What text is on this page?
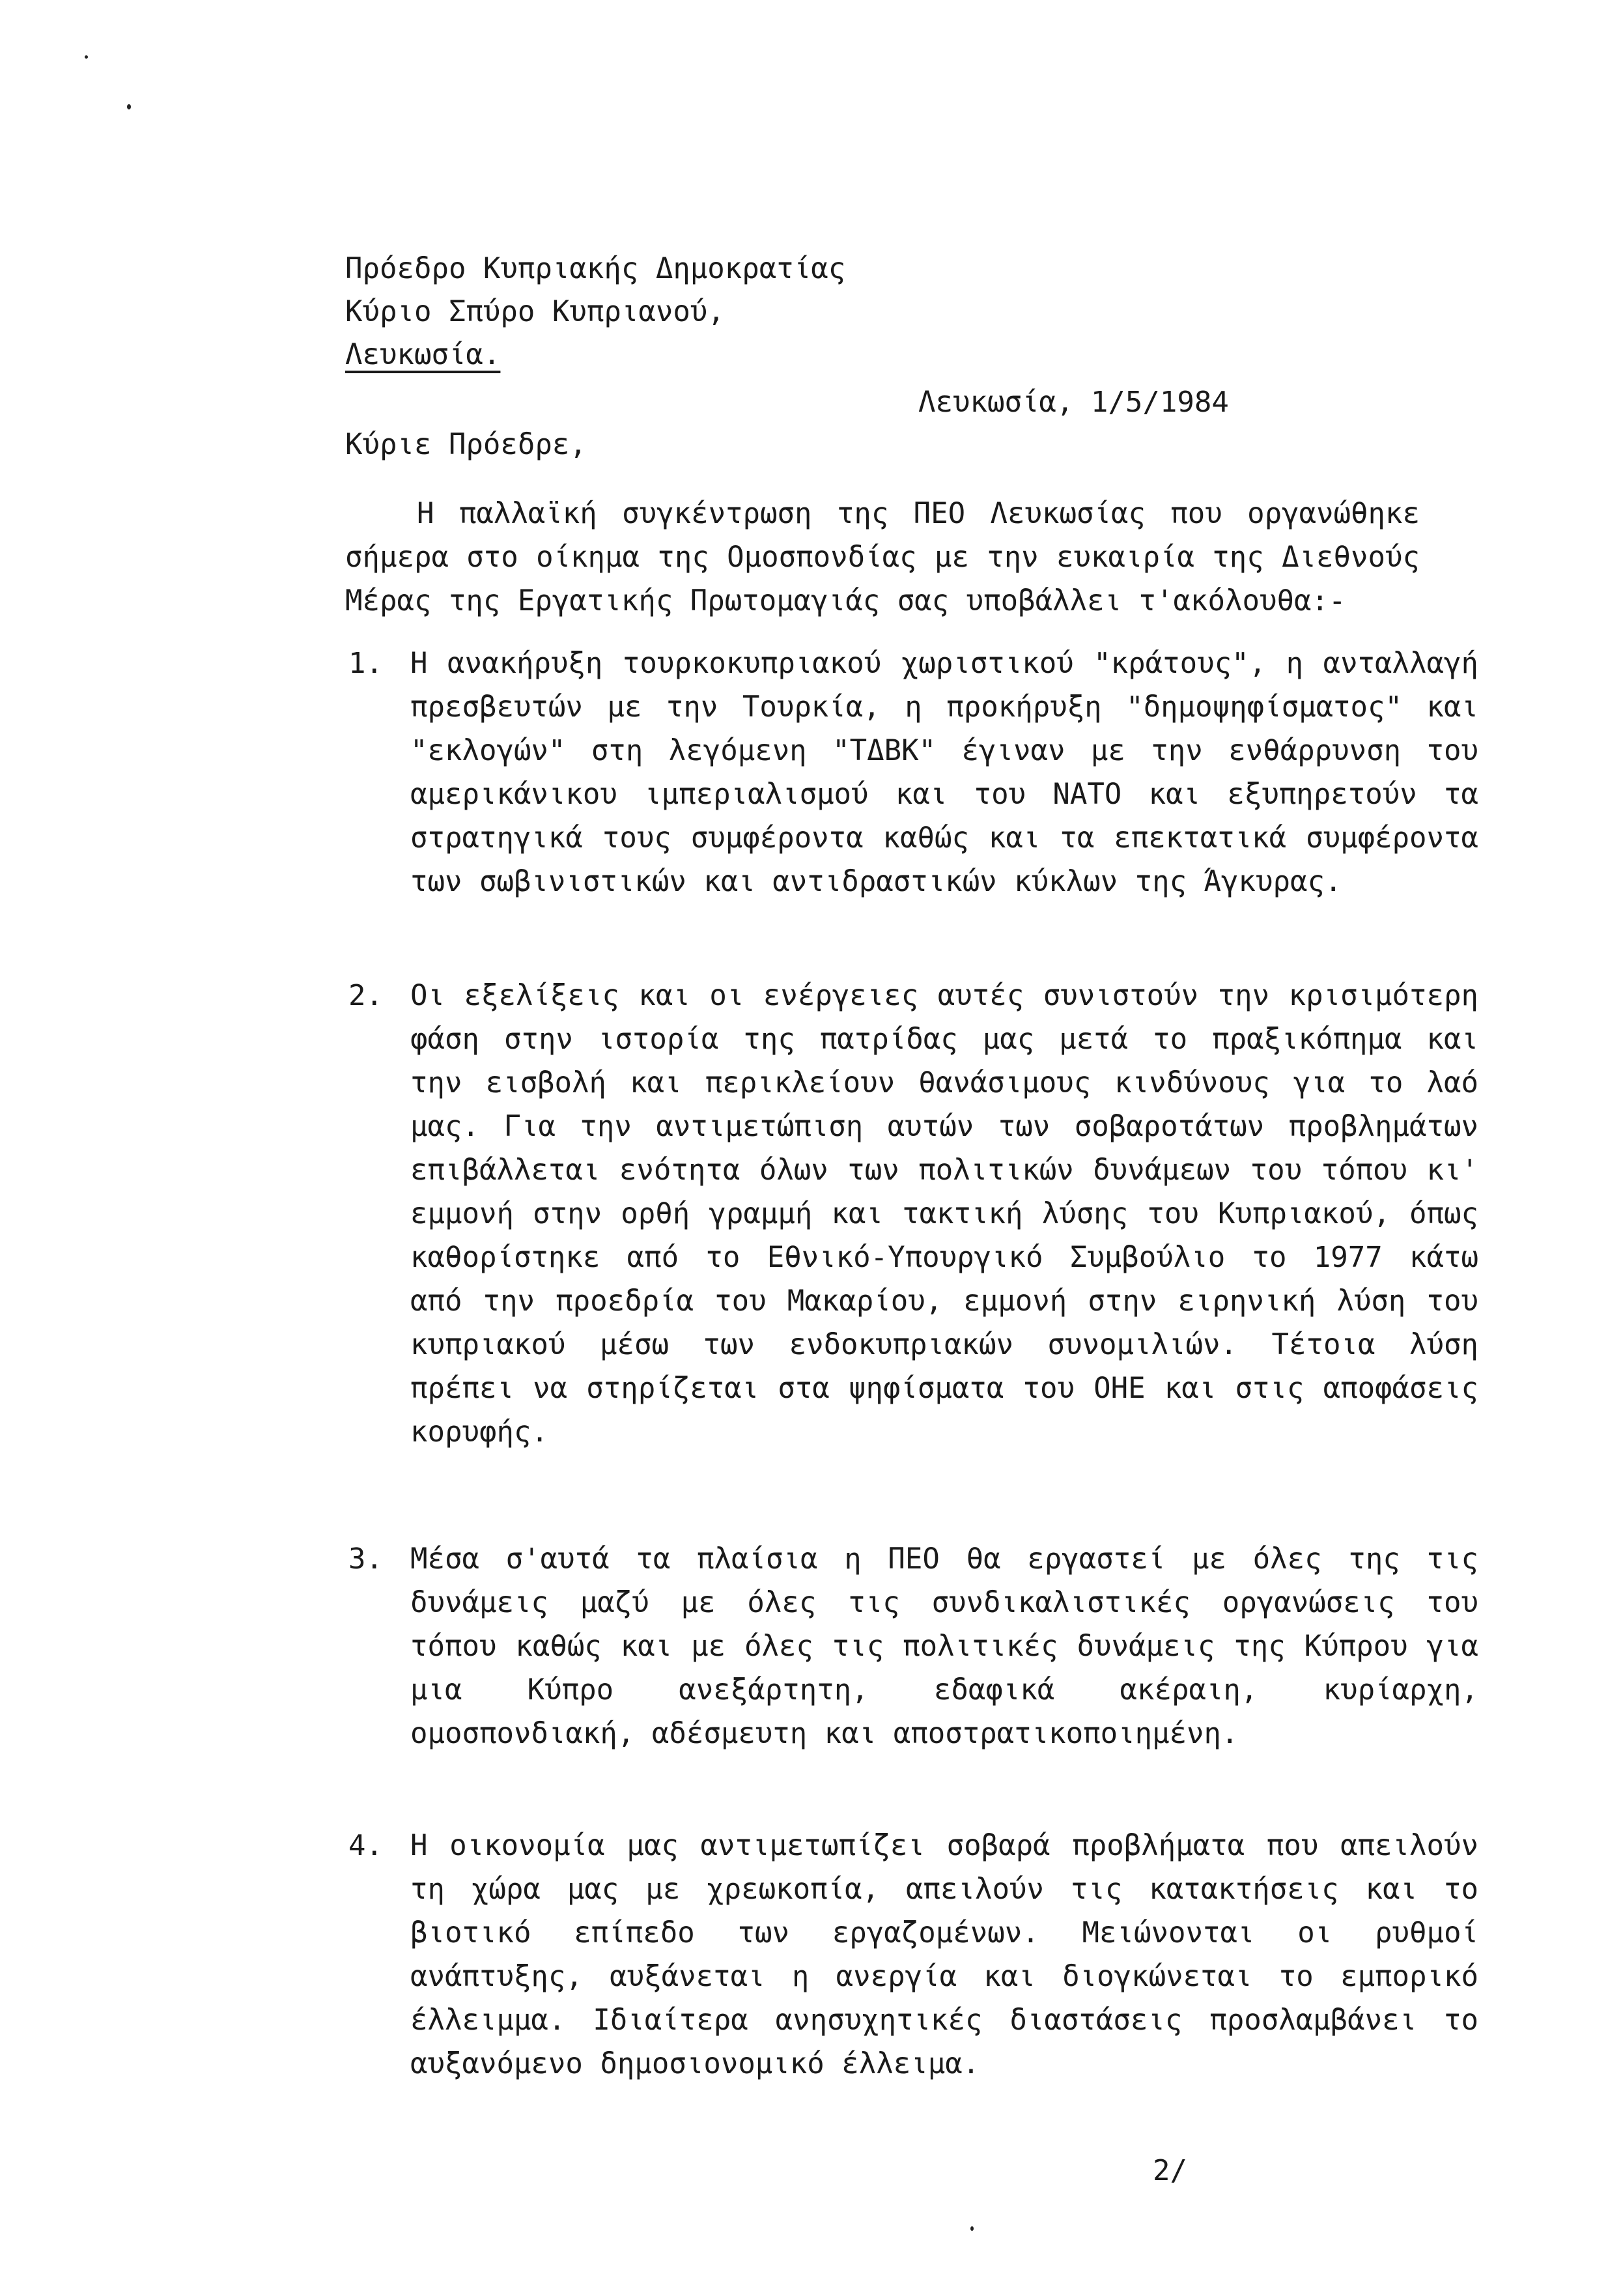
Πρόεδρο Κυπριακής Δημοκρατίας
Κύριο Σπύρο Κυπριανού,
Λευκωσία.
Λευκωσία, 1/5/1984
Κύριε Πρόεδρε,
Η παλλαϊκή συγκέντρωση της ΠΕΟ Λευκωσίας που οργανώθηκε σήμερα στο οίκημα της Ομοσπονδίας με την ευκαιρία της Διεθνούς Μέρας της Εργατικής Πρωτομαγιάς σας υποβάλλει τ'ακόλουθα:-
1. Η ανακήρυξη τουρκοκυπριακού χωριστικού "κράτους", η ανταλλαγή πρεσβευτών με την Τουρκία, η προκήρυξη "δημοψηφίσματος" και "εκλογών" στη λεγόμενη "ΤΔΒΚ" έγιναν με την ενθάρρυνση του αμερικάνικου ιμπεριαλισμού και του ΝΑΤΟ και εξυπηρετούν τα στρατηγικά τους συμφέροντα καθώς και τα επεκτατικά συμφέροντα των σωβινιστικών και αντιδραστικών κύκλων της Άγκυρας.
2. Οι εξελίξεις και οι ενέργειες αυτές συνιστούν την κρισιμότερη φάση στην ιστορία της πατρίδας μας μετά το πραξικόπημα και την εισβολή και περικλείουν θανάσιμους κινδύνους για το λαό μας. Για την αντιμετώπιση αυτών των σοβαροτάτων προβλημάτων επιβάλλεται ενότητα όλων των πολιτικών δυνάμεων του τόπου κι' εμμονή στην ορθή γραμμή και τακτική λύσης του Κυπριακού, όπως καθορίστηκε από το Εθνικό-Υπουργικό Συμβούλιο το 1977 κάτω από την προεδρία του Μακαρίου, εμμονή στην ειρηνική λύση του κυπριακού μέσω των ενδοκυπριακών συνομιλιών. Τέτοια λύση πρέπει να στηρίζεται στα ψηφίσματα του ΟΗΕ και στις αποφάσεις κορυφής.
3. Μέσα σ'αυτά τα πλαίσια η ΠΕΟ θα εργαστεί με όλες της τις δυνάμεις μαζύ με όλες τις συνδικαλιστικές οργανώσεις του τόπου καθώς και με όλες τις πολιτικές δυνάμεις της Κύπρου για μια Κύπρο ανεξάρτητη, εδαφικά ακέραιη, κυρίαρχη, ομοσπονδιακή, αδέσμευτη και αποστρατικοποιημένη.
4. Η οικονομία μας αντιμετωπίζει σοβαρά προβλήματα που απειλούν τη χώρα μας με χρεωκοπία, απειλούν τις κατακτήσεις και το βιοτικό επίπεδο των εργαζομένων. Μειώνονται οι ρυθμοί ανάπτυξης, αυξάνεται η ανεργία και διογκώνεται το εμπορικό έλλειμμα. Ιδιαίτερα ανησυχητικές διαστάσεις προσλαμβάνει το αυξανόμενο δημοσιονομικό έλλειμα.
2/
